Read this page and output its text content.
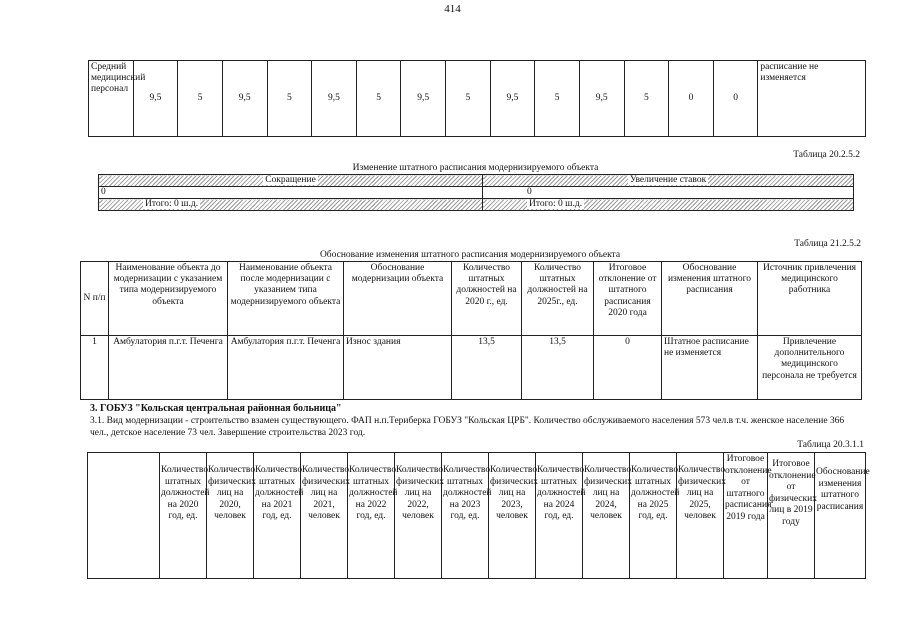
414
Средний медицинский персонал	9,5	5	9,5	5	9,5	5	9,5	5	9,5	5	9,5	5	0	0	расписание не изменяется
Таблица 20.2.5.2
Изменение штатного расписания модернизируемого объекта
Сокращение	Увеличение ставок
0	0
Итого: 0 ш.д.	Итого: 0 ш.д.
Таблица 21.2.5.2
Обоснование изменения штатного расписания модернизируемого объекта
N п/п	Наименование объекта до модернизации с указанием типа модернизируемого объекта	Наименование объекта после модернизации с указанием типа модернизируемого объекта	Обоснование модернизации объекта	Количество штатных должностей на 2020 г., ед.	Количество штатных должностей на 2025г., ед.	Итоговое отклонение от штатного расписания 2020 года	Обоснование изменения штатного расписания	Источник привлечения медицинского работника
1	Амбулатория п.г.т. Печенга	Амбулатория п.г.т. Печенга	Износ здания	13,5	13,5	0	Штатное расписание не изменяется	Привлечение дополнительного медицинского персонала не требуется
3. ГОБУЗ "Кольская центральная районная больница"
3.1. Вид модернизации - строительство взамен существующего. ФАП н.п.Териберка ГОБУЗ "Кольская ЦРБ". Количество обслуживаемого населения 573 чел.в т.ч. женское население 366 чел., детское население 73 чел. Завершение строительства 2023 год.
Таблица 20.3.1.1
	Количество штатных должностей на 2020 год, ед.	Количество физических лиц на 2020, человек	Количество штатных должностей на 2021 год, ед.	Количество физических лиц на 2021, человек	Количество штатных должностей на 2022 год, ед.	Количество физических лиц на 2022, человек	Количество штатных должностей на 2023 год, ед.	Количество физических лиц на 2023, человек	Количество штатных должностей на 2024 год, ед.	Количество физических лиц на 2024, человек	Количество штатных должностей на 2025 год, ед.	Количество физических лиц на 2025, человек	Итоговое отклонение от штатного расписания 2019 года	Итоговое отклонение от физических лиц в 2019 году	Обоснование изменения штатного расписания
